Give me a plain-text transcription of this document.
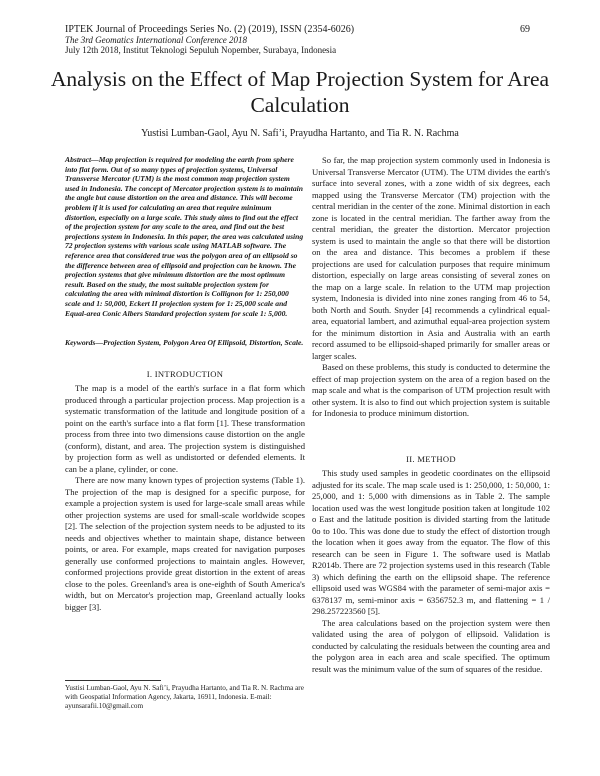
IPTEK Journal of Proceedings Series No. (2) (2019), ISSN (2354-6026)	69
The 3rd Geomatics International Conference 2018
July 12th 2018, Institut Teknologi Sepuluh Nopember, Surabaya, Indonesia
Analysis on the Effect of Map Projection System for Area Calculation
Yustisi Lumban-Gaol, Ayu N. Safi’i, Prayudha Hartanto, and Tia R. N. Rachma
Abstract—Map projection is required for modeling the earth from sphere into flat form. Out of so many types of projection systems, Universal Transverse Mercator (UTM) is the most common map projection system used in Indonesia. The concept of Mercator projection system is to maintain the angle but cause distortion on the area and distance. This will become problem if it is used for calculating an area that require minimum distortion, especially on a large scale. This study aims to find out the effect of the projection system for any scale to the area, and find out the best projections system in Indonesia. In this paper, the area was calculated using 72 projection systems with various scale using MATLAB software. The reference area that considered true was the polygon area of an ellipsoid so the difference between area of ellipsoid and projection can be known. The projection systems that give minimum distortion are the most optimum result. Based on the study, the most suitable projection system for calculating the area with minimal distortion is Collignon for 1: 250,000 scale and 1: 50,000, Eckert II projection system for 1: 25,000 scale and Equal-area Conic Albers Standard projection system for scale 1: 5,000.
Keywords—Projection System, Polygon Area Of Ellipsoid, Distortion, Scale.
I. INTRODUCTION

The map is a model of the earth's surface in a flat form which produced through a particular projection process. Map projection is a systematic transformation of the latitude and longitude position of a point on the earth's surface into a flat form [1]. These transformation process from three into two dimensions cause distortion on the angle (conform), distant, and area. The projection system is distinguished by projection form as well as undistorted or defended elements. It can be a plane, cylinder, or cone.

There are now many known types of projection systems (Table 1). The projection of the map is designed for a specific purpose, for example a projection system is used for large-scale small areas while other projection systems are used for small-scale worldwide scopes [2]. The selection of the projection system needs to be adjusted to its needs and objectives whether to maintain shape, distance between points, or area. For example, maps created for navigation purposes generally use conformed projections to maintain angles. However, conformed projections provide great distortion in the extent of areas close to the poles. Greenland's area is one-eighth of South America's width, but on Mercator's projection map, Greenland actually looks bigger [3].

Yustisi Lumban-Gaol, Ayu N. Safi’i, Prayudha Hartanto, and Tia R. N. Rachma are with Geospatial Information Agency, Jakarta, 16911, Indonesia. E-mail: ayunsarafii.10@gmail.com

So far, the map projection system commonly used in Indonesia is Universal Transverse Mercator (UTM). The UTM divides the earth's surface into several zones, with a zone width of six degrees, each mapped using the Transverse Mercator (TM) projection with the central meridian in the center of the zone. Minimal distortion in each zone is located in the central meridian. The farther away from the central meridian, the greater the distortion. Mercator projection system is used to maintain the angle so that there will be distortion on the area and distance. This becomes a problem if these projections are used for calculation purposes that require minimum distortion, especially on large areas consisting of several zones on the map on a large scale. In relation to the UTM map projection system, Indonesia is divided into nine zones ranging from 46 to 54, both North and South. Snyder [4] recommends a cylindrical equal-area, equatorial lambert, and azimuthal equal-area projection system for the minimum distortion in Asia and Australia with an earth record assumed to be ellipsoid-shaped primarily for smaller areas or larger scales.

Based on these problems, this study is conducted to determine the effect of map projection system on the area of a region based on the map scale and what is the comparison of UTM projection result with other system. It is also to find out which projection system is suitable for Indonesia to produce minimum distortion.

II. METHOD

This study used samples in geodetic coordinates on the ellipsoid adjusted for its scale. The map scale used is 1: 250,000, 1: 50,000, 1: 25,000, and 1: 5,000 with dimensions as in Table 2. The sample location used was the west longitude position taken at longitude 102 o East and the latitude position is divided starting from the latitude 0o to 10o. This was done due to study the effect of distortion trough the location when it goes away from the equator. The flow of this research can be seen in Figure 1. The software used is Matlab R2014b. There are 72 projection systems used in this research (Table 3) which defining the earth on the ellipsoid shape. The reference ellipsoid used was WGS84 with the parameter of semi-major axis = 6378137 m, semi-minor axis = 6356752.3 m, and flattening = 1 / 298.257223560 [5].

The area calculations based on the projection system were then validated using the area of polygon of ellipsoid. Validation is conducted by calculating the residuals between the counting area and the polygon area in each area and scale specified. The optimum result was the minimum value of the sum of squares of the residue.
